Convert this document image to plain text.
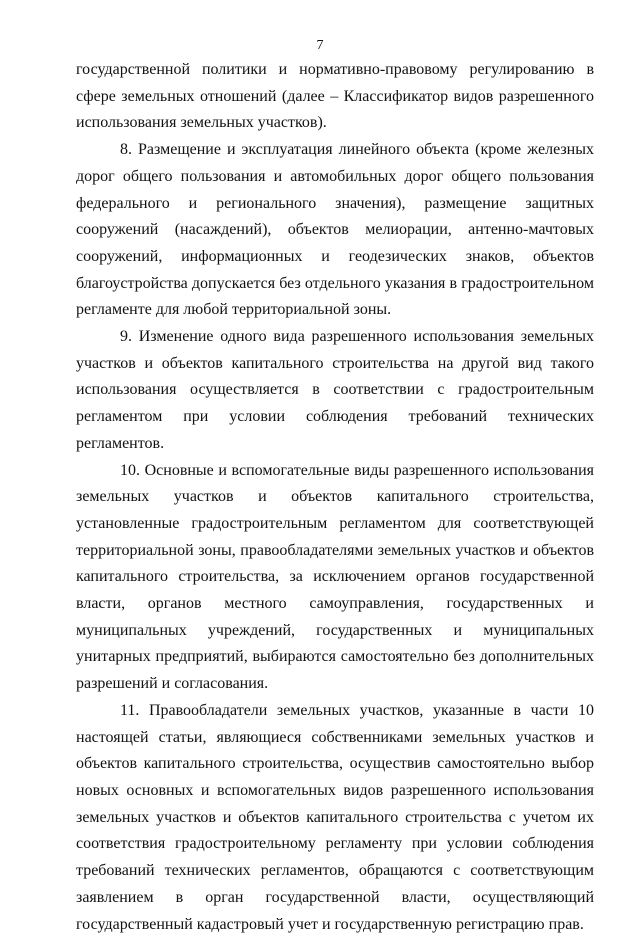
7

государственной политики и нормативно-правовому регулированию в сфере земельных отношений (далее – Классификатор видов разрешенного использования земельных участков).

8. Размещение и эксплуатация линейного объекта (кроме железных дорог общего пользования и автомобильных дорог общего пользования федерального и регионального значения), размещение защитных сооружений (насаждений), объектов мелиорации, антенно-мачтовых сооружений, информационных и геодезических знаков, объектов благоустройства допускается без отдельного указания в градостроительном регламенте для любой территориальной зоны.

9. Изменение одного вида разрешенного использования земельных участков и объектов капитального строительства на другой вид такого использования осуществляется в соответствии с градостроительным регламентом при условии соблюдения требований технических регламентов.

10. Основные и вспомогательные виды разрешенного использования земельных участков и объектов капитального строительства, установленные градостроительным регламентом для соответствующей территориальной зоны, правообладателями земельных участков и объектов капитального строительства, за исключением органов государственной власти, органов местного самоуправления, государственных и муниципальных учреждений, государственных и муниципальных унитарных предприятий, выбираются самостоятельно без дополнительных разрешений и согласования.

11. Правообладатели земельных участков, указанные в части 10 настоящей статьи, являющиеся собственниками земельных участков и объектов капитального строительства, осуществив самостоятельно выбор новых основных и вспомогательных видов разрешенного использования земельных участков и объектов капитального строительства с учетом их соответствия градостроительному регламенту при условии соблюдения требований технических регламентов, обращаются с соответствующим заявлением в орган государственной власти, осуществляющий государственный кадастровый учет и государственную регистрацию прав.
